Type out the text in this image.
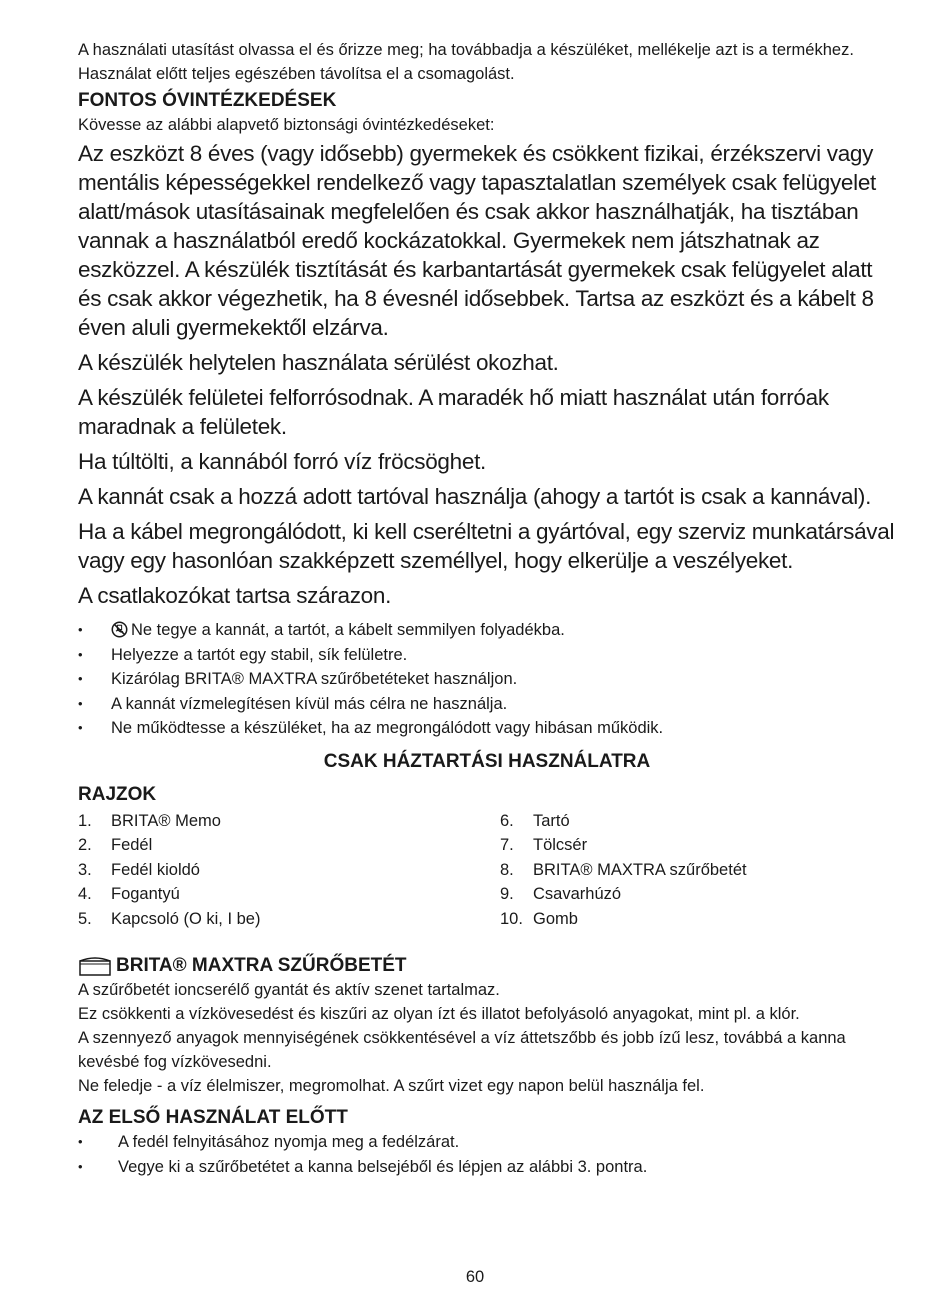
A használati utasítást olvassa el és őrizze meg; ha továbbadja a készüléket, mellékelje azt is a termékhez. Használat előtt teljes egészében távolítsa el a csomagolást.

FONTOS ÓVINTÉZKEDÉSEK

Kövesse az alábbi alapvető biztonsági óvintézkedéseket:

Az eszközt 8 éves (vagy idősebb) gyermekek és csökkent fizikai, érzékszervi vagy mentális képességekkel rendelkező vagy tapasztalatlan személyek csak felügyelet alatt/mások utasításainak megfelelően és csak akkor használhatják, ha tisztában vannak a használatból eredő kockázatokkal. Gyermekek nem játszhatnak az eszközzel. A készülék tisztítását és karbantartását gyermekek csak felügyelet alatt és csak akkor végezhetik, ha 8 évesnél idősebbek. Tartsa az eszközt és a kábelt 8 éven aluli gyermekektől elzárva.

A készülék helytelen használata sérülést okozhat.

A készülék felületei felforrósodnak. A maradék hő miatt használat után forróak maradnak a felületek.

Ha túltölti, a kannából forró víz fröcsöghet.

A kannát csak a hozzá adott tartóval használja (ahogy a tartót is csak a kannával).

Ha a kábel megrongálódott, ki kell cseréltetni a gyártóval, egy szerviz munkatársával vagy egy hasonlóan szakképzett személlyel, hogy elkerülje a veszélyeket.

A csatlakozókat tartsa szárazon.

• Ne tegye a kannát, a tartót, a kábelt semmilyen folyadékba.
• Helyezze a tartót egy stabil, sík felületre.
• Kizárólag BRITA® MAXTRA szűrőbetéteket használjon.
• A kannát vízmelegítésen kívül más célra ne használja.
• Ne működtesse a készüléket, ha az megrongálódott vagy hibásan működik.

CSAK HÁZTARTÁSI HASZNÁLATRA

RAJZOK

1.	BRITA® Memo
2.	Fedél
3.	Fedél kioldó
4.	Fogantyú
5.	Kapcsoló (O ki, I be)
6.	Tartó
7.	Tölcsér
8.	BRITA® MAXTRA szűrőbetét
9.	Csavarhúzó
10. Gomb
BRITA® MAXTRA SZŰRŐBETÉT

A szűrőbetét ioncserélő gyantát és aktív szenet tartalmaz.

Ez csökkenti a vízkövesedést és kiszűri az olyan ízt és illatot befolyásoló anyagokat, mint pl. a klór.

A szennyező anyagok mennyiségének csökkentésével a víz áttetszőbb és jobb ízű lesz, továbbá a kanna kevésbé fog vízkövesedni.

Ne feledje - a víz élelmiszer, megromolhat. A szűrt vizet egy napon belül használja fel.

AZ ELSŐ HASZNÁLAT ELŐTT

• A fedél felnyitásához nyomja meg a fedélzárat.
• Vegye ki a szűrőbetétet a kanna belsejéből és lépjen az alábbi 3. pontra.
60
